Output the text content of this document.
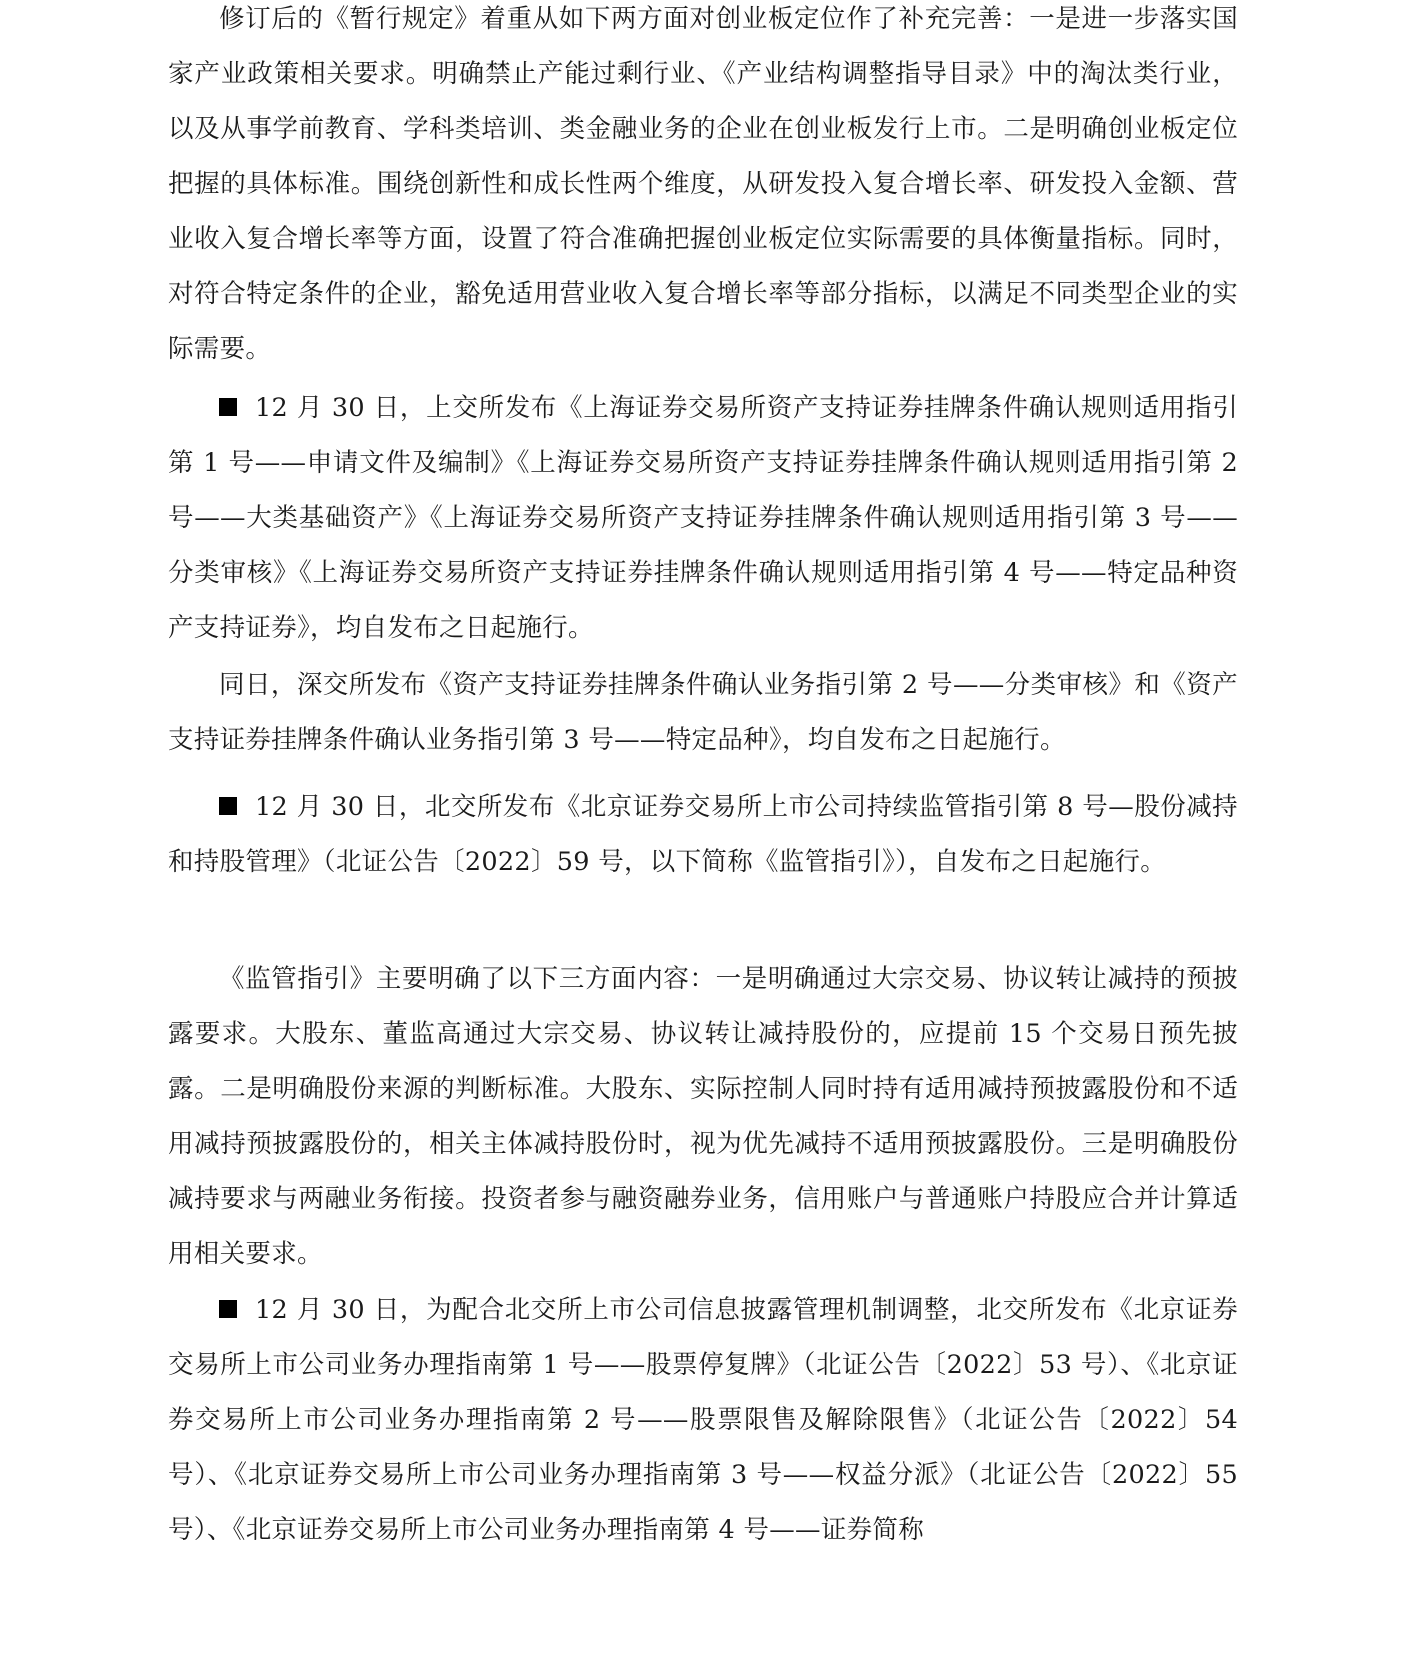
修订后的《暂行规定》着重从如下两方面对创业板定位作了补充完善：一是进一步落实国家产业政策相关要求。明确禁止产能过剩行业、《产业结构调整指导目录》中的淘汰类行业，以及从事学前教育、学科类培训、类金融业务的企业在创业板发行上市。二是明确创业板定位把握的具体标准。围绕创新性和成长性两个维度，从研发投入复合增长率、研发投入金额、营业收入复合增长率等方面，设置了符合准确把握创业板定位实际需要的具体衡量指标。同时，对符合特定条件的企业，豁免适用营业收入复合增长率等部分指标，以满足不同类型企业的实际需要。

12 月 30 日，上交所发布《上海证券交易所资产支持证券挂牌条件确认规则适用指引第 1 号——申请文件及编制》《上海证券交易所资产支持证券挂牌条件确认规则适用指引第 2 号——大类基础资产》《上海证券交易所资产支持证券挂牌条件确认规则适用指引第 3 号——分类审核》《上海证券交易所资产支持证券挂牌条件确认规则适用指引第 4 号——特定品种资产支持证券》，均自发布之日起施行。

同日，深交所发布《资产支持证券挂牌条件确认业务指引第 2 号——分类审核》和《资产支持证券挂牌条件确认业务指引第 3 号——特定品种》，均自发布之日起施行。

12 月 30 日，北交所发布《北京证券交易所上市公司持续监管指引第 8 号—股份减持和持股管理》（北证公告〔2022〕59 号，以下简称《监管指引》），自发布之日起施行。

《监管指引》主要明确了以下三方面内容：一是明确通过大宗交易、协议转让减持的预披露要求。大股东、董监高通过大宗交易、协议转让减持股份的，应提前 15 个交易日预先披露。二是明确股份来源的判断标准。大股东、实际控制人同时持有适用减持预披露股份和不适用减持预披露股份的，相关主体减持股份时，视为优先减持不适用预披露股份。三是明确股份减持要求与两融业务衔接。投资者参与融资融券业务，信用账户与普通账户持股应合并计算适用相关要求。

12 月 30 日，为配合北交所上市公司信息披露管理机制调整，北交所发布《北京证券交易所上市公司业务办理指南第 1 号——股票停复牌》（北证公告〔2022〕53 号）、《北京证券交易所上市公司业务办理指南第 2 号——股票限售及解除限售》（北证公告〔2022〕54 号）、《北京证券交易所上市公司业务办理指南第 3 号——权益分派》（北证公告〔2022〕55 号）、《北京证券交易所上市公司业务办理指南第 4 号——证券简称
